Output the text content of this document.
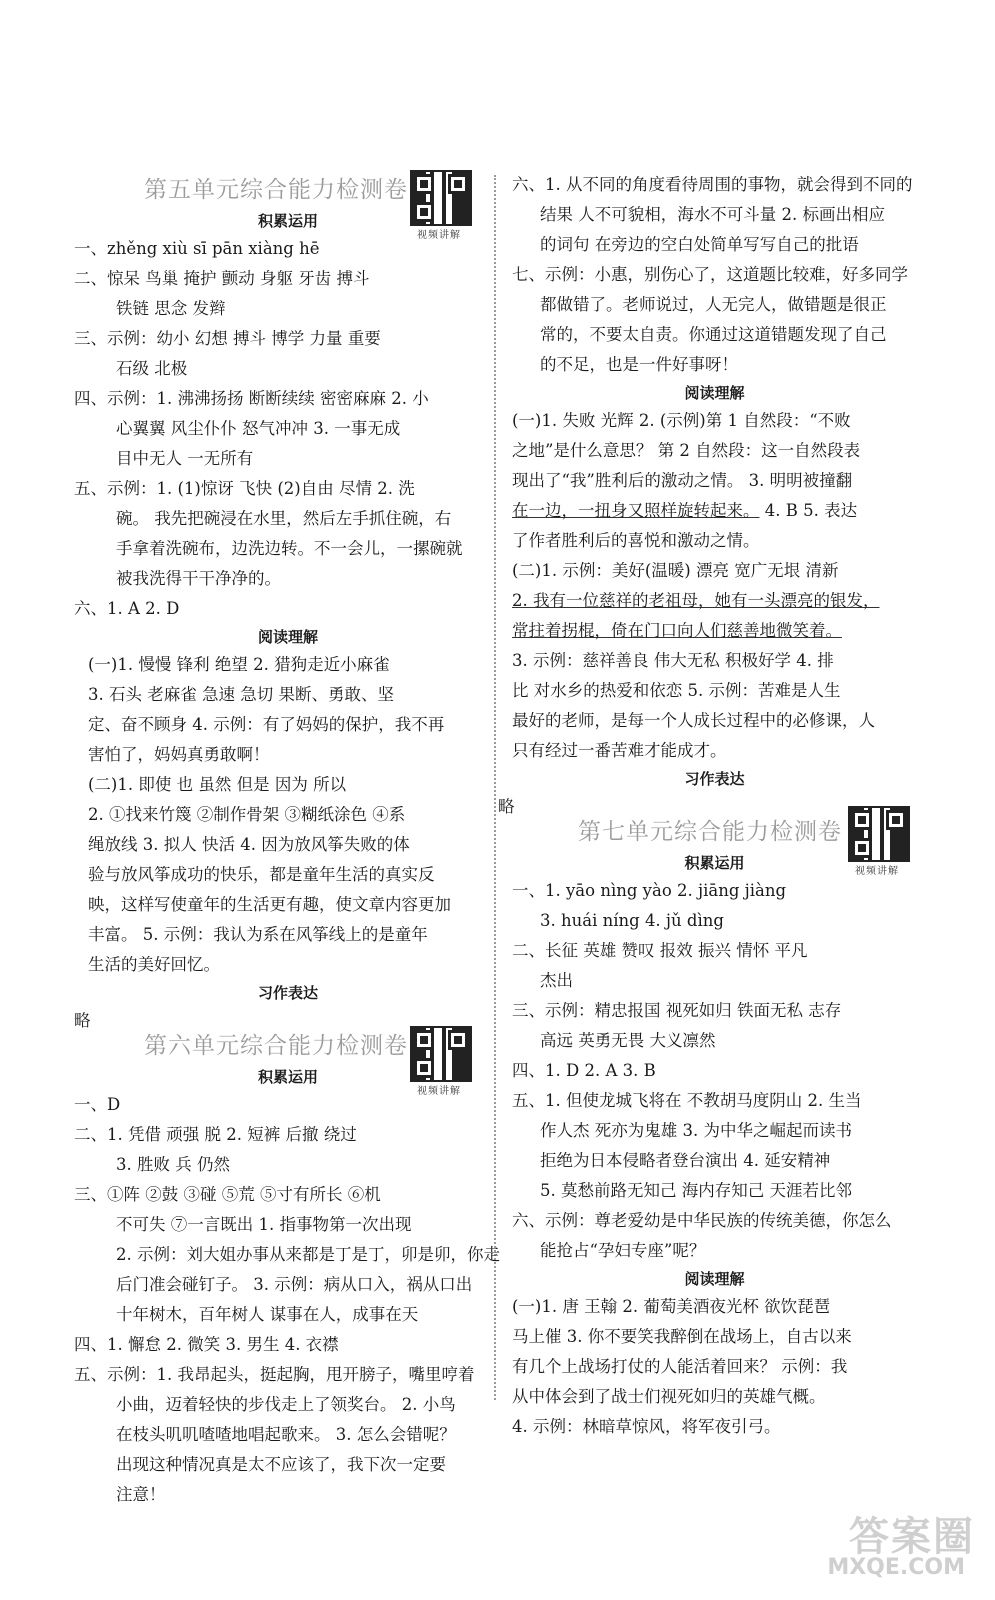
第五单元综合能力检测卷
视频讲解
积累运用
一、zhěng xiù sī pān xiàng hē
二、惊呆 鸟巢 掩护 颤动 身躯 牙齿 搏斗
铁链 思念 发辫
三、示例：幼小 幻想 搏斗 博学 力量 重要
石级 北极
四、示例：1. 沸沸扬扬 断断续续 密密麻麻 2. 小
心翼翼 风尘仆仆 怒气冲冲 3. 一事无成
目中无人 一无所有
五、示例：1. (1)惊讶 飞快 (2)自由 尽情 2. 洗
碗。 我先把碗浸在水里，然后左手抓住碗，右
手拿着洗碗布，边洗边转。不一会儿，一摞碗就
被我洗得干干净净的。
六、1. A 2. D
阅读理解
(一)1. 慢慢 锋利 绝望 2. 猎狗走近小麻雀
3. 石头 老麻雀 急速 急切 果断、勇敢、坚
定、奋不顾身 4. 示例：有了妈妈的保护，我不再
害怕了，妈妈真勇敢啊！
(二)1. 即使 也 虽然 但是 因为 所以
2. ①找来竹篾 ②制作骨架 ③糊纸涂色 ④系
绳放线 3. 拟人 快活 4. 因为放风筝失败的体
验与放风筝成功的快乐，都是童年生活的真实反
映，这样写使童年的生活更有趣，使文章内容更加
丰富。 5. 示例：我认为系在风筝线上的是童年
生活的美好回忆。
习作表达
略
第六单元综合能力检测卷
视频讲解
积累运用
一、D
二、1. 凭借 顽强 脱 2. 短裤 后撤 绕过
3. 胜败 兵 仍然
三、①阵 ②鼓 ③碰 ⑤荒 ⑤寸有所长 ⑥机
不可失 ⑦一言既出 1. 指事物第一次出现
2. 示例：刘大姐办事从来都是丁是丁，卯是卯，你走
后门准会碰钉子。 3. 示例：病从口入，祸从口出
十年树木，百年树人 谋事在人，成事在天
四、1. 懈怠 2. 微笑 3. 男生 4. 衣襟
五、示例：1. 我昂起头，挺起胸，甩开膀子，嘴里哼着
小曲，迈着轻快的步伐走上了领奖台。 2. 小鸟
在枝头叽叽喳喳地唱起歌来。 3. 怎么会错呢？
出现这种情况真是太不应该了，我下次一定要
注意！
六、1. 从不同的角度看待周围的事物，就会得到不同的
结果 人不可貌相，海水不可斗量 2. 标画出相应
的词句 在旁边的空白处简单写写自己的批语
七、示例：小惠，别伤心了，这道题比较难，好多同学
都做错了。老师说过，人无完人，做错题是很正
常的，不要太自责。你通过这道错题发现了自己
的不足，也是一件好事呀！
阅读理解
(一)1. 失败 光辉 2. (示例)第 1 自然段：“不败
之地”是什么意思？ 第 2 自然段：这一自然段表
现出了“我”胜利后的激动之情。 3. 明明被撞翻
在一边，一扭身又照样旋转起来。 4. B 5. 表达
了作者胜利后的喜悦和激动之情。
(二)1. 示例：美好(温暖) 漂亮 宽广无垠 清新
2. 我有一位慈祥的老祖母，她有一头漂亮的银发，
常拄着拐棍，倚在门口向人们慈善地微笑着。
3. 示例：慈祥善良 伟大无私 积极好学 4. 排
比 对水乡的热爱和依恋 5. 示例：苦难是人生
最好的老师，是每一个人成长过程中的必修课，人
只有经过一番苦难才能成才。
习作表达
略
第七单元综合能力检测卷
视频讲解
积累运用
一、1. yāo nìng yào 2. jiāng jiàng
3. huái níng 4. jǔ dìng
二、长征 英雄 赞叹 报效 振兴 情怀 平凡
杰出
三、示例：精忠报国 视死如归 铁面无私 志存
高远 英勇无畏 大义凛然
四、1. D 2. A 3. B
五、1. 但使龙城飞将在 不教胡马度阴山 2. 生当
作人杰 死亦为鬼雄 3. 为中华之崛起而读书
拒绝为日本侵略者登台演出 4. 延安精神
5. 莫愁前路无知己 海内存知己 天涯若比邻
六、示例：尊老爱幼是中华民族的传统美德，你怎么
能抢占“孕妇专座”呢？
阅读理解
(一)1. 唐 王翰 2. 葡萄美酒夜光杯 欲饮琵琶
马上催 3. 你不要笑我醉倒在战场上，自古以来
有几个上战场打仗的人能活着回来？ 示例：我
从中体会到了战士们视死如归的英雄气概。
4. 示例：林暗草惊风，将军夜引弓。
答案圈
MXQE.COM
